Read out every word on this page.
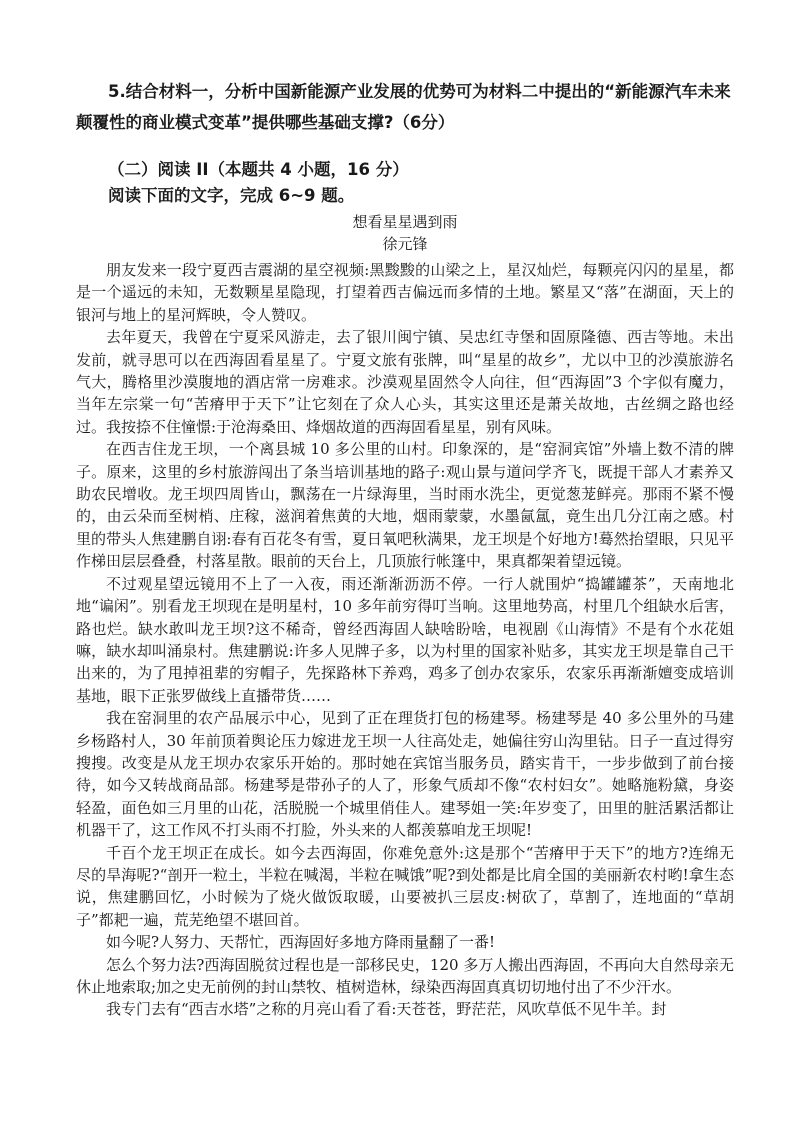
5.结合材料一，分析中国新能源产业发展的优势可为材料二中提出的“新能源汽车未来颠覆性的商业模式变革”提供哪些基础支撑?（6分）

（二）阅读 II（本题共 4 小题，16 分）
阅读下面的文字，完成 6~9 题。
想看星星遇到雨
徐元锋

朋友发来一段宁夏西吉震湖的星空视频:黑黢黢的山梁之上，星汉灿烂，每颗亮闪闪的星星，都是一个遥远的未知，无数颗星星隐现，打望着西吉偏远而多情的土地。繁星又“落”在湖面，天上的银河与地上的星河辉映，令人赞叹。

去年夏天，我曾在宁夏采风游走，去了银川闽宁镇、吴忠红寺堡和固原隆德、西吉等地。未出发前，就寻思可以在西海固看星星了。宁夏文旅有张牌，叫“星星的故乡”，尤以中卫的沙漠旅游名气大，腾格里沙漠腹地的酒店常一房难求。沙漠观星固然令人向往，但“西海固”3 个字似有魔力，当年左宗棠一句“苦瘠甲于天下”让它刻在了众人心头，其实这里还是萧关故地，古丝绸之路也经过。我按捺不住憧憬:于沧海桑田、烽烟故道的西海固看星星，别有风味。

在西吉住龙王坝，一个离县城 10 多公里的山村。印象深的，是“窑洞宾馆”外墙上数不清的牌子。原来，这里的乡村旅游闯出了条当培训基地的路子:观山景与道问学齐飞，既提干部人才素养又助农民增收。龙王坝四周皆山，飘荡在一片绿海里，当时雨水洗尘，更觉葱茏鲜亮。那雨不紧不慢的，由云朵而至树梢、庄稼，滋润着焦黄的大地，烟雨蒙蒙，水墨氤氲，竟生出几分江南之感。村里的带头人焦建鹏自诩:春有百花冬有雪，夏日氧吧秋满果，龙王坝是个好地方!蓦然抬望眼，只见平作梯田层层叠叠，村落星散。眼前的天台上，几顶旅行帐篷中，果真都架着望远镜。

不过观星望远镜用不上了一入夜，雨还渐渐沥沥不停。一行人就围炉“捣罐罐茶”，天南地北地“谝闲”。别看龙王坝现在是明星村，10 多年前穷得叮当响。这里地势高，村里几个组缺水后害，路也烂。缺水敢叫龙王坝?这不稀奇，曾经西海固人缺啥盼啥，电视剧《山海情》不是有个水花姐嘛，缺水却叫涌泉村。焦建鹏说:许多人见牌子多，以为村里的国家补贴多，其实龙王坝是靠自己干出来的，为了甩掉祖辈的穷帽子，先探路林下养鸡，鸡多了创办农家乐，农家乐再渐渐嬗变成培训基地，眼下正张罗做线上直播带货……

我在窑洞里的农产品展示中心，见到了正在理货打包的杨建琴。杨建琴是 40 多公里外的马建乡杨路村人，30 年前顶着舆论压力嫁进龙王坝一人往高处走，她偏往穷山沟里钻。日子一直过得穷搜搜。改变是从龙王坝办农家乐开始的。那时她在宾馆当服务员，踏实肯干，一步步做到了前台接待，如今又转战商品部。杨建琴是带孙子的人了，形象气质却不像“农村妇女”。她略施粉黛，身姿轻盈，面色如三月里的山花，活脱脱一个城里俏佳人。建琴姐一笑:年岁变了，田里的脏活累活都让机器干了，这工作风不打头雨不打脸，外头来的人都羡慕咱龙王坝呢!

千百个龙王坝正在成长。如今去西海固，你难免意外:这是那个“苦瘠甲于天下”的地方?连绵无尽的旱海呢?“剖开一粒土，半粒在喊渴，半粒在喊饿”呢?到处都是比肩全国的美丽新农村哟!拿生态说，焦建鹏回忆，小时候为了烧火做饭取暖，山要被扒三层皮:树砍了，草割了，连地面的“草胡子”都耙一遍，荒芜绝望不堪回首。

如今呢?人努力、天帮忙，西海固好多地方降雨量翻了一番!

怎么个努力法?西海固脱贫过程也是一部移民史，120 多万人搬出西海固，不再向大自然母亲无休止地索取;加之史无前例的封山禁牧、植树造林，绿染西海固真真切切地付出了不少汗水。

我专门去有“西吉水塔”之称的月亮山看了看:天苍苍，野茫茫，风吹草低不见牛羊。封
